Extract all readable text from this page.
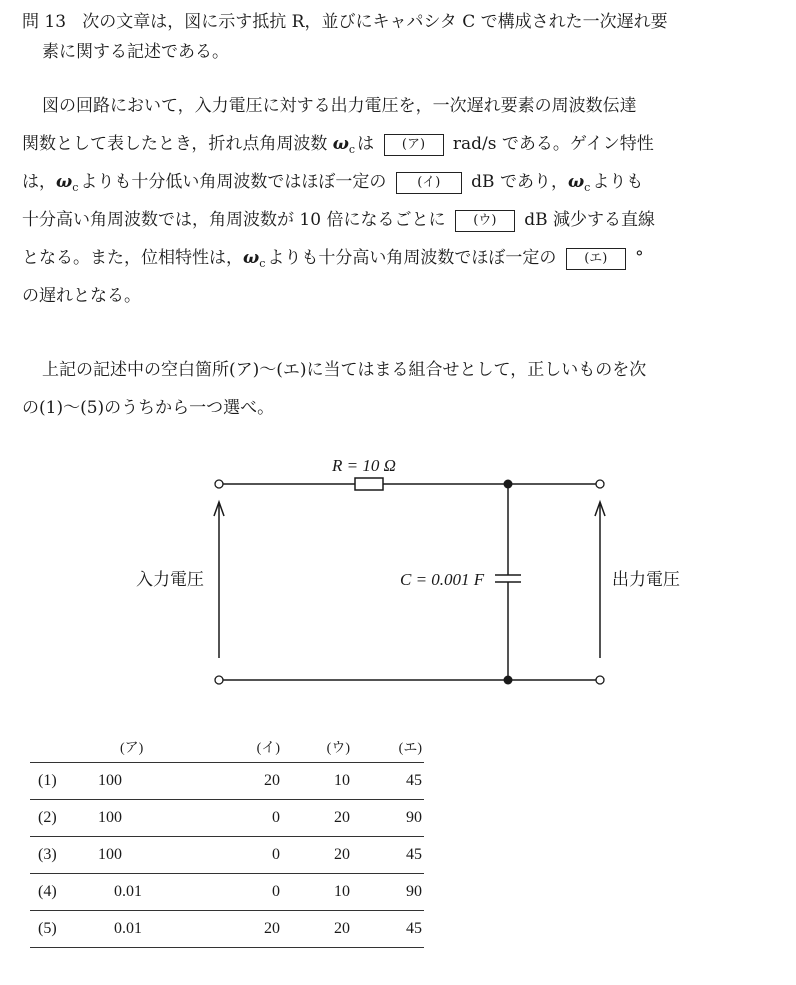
問 13 次の文章は，図に示す抵抗 R，並びにキャパシタ C で構成された一次遅れ要
素に関する記述である。
図の回路において，入力電圧に対する出力電圧を，一次遅れ要素の周波数伝達
関数として表したとき，折れ点角周波数 $\omega_c$ は (ア) rad/s である。ゲイン特性
は，$\omega_c$ よりも十分低い角周波数ではほぼ一定の (イ) dB であり，$\omega_c$ よりも
十分高い角周波数では，角周波数が 10 倍になるごとに (ウ) dB 減少する直線
となる。また，位相特性は，$\omega_c$ よりも十分高い角周波数でほぼ一定の (エ) °
の遅れとなる。
上記の記述中の空白箇所(ア)～(エ)に当てはまる組合せとして，正しいものを次
の(1)～(5)のうちから一つ選べ。
R = 10 Ω
C = 0.001 F
入力電圧	出力電圧
	(ア)	(イ)	(ウ)	(エ)
(1)	100	20	10	45
(2)	100	0	20	90
(3)	100	0	20	45
(4)	0.01	0	10	90
(5)	0.01	20	20	45
